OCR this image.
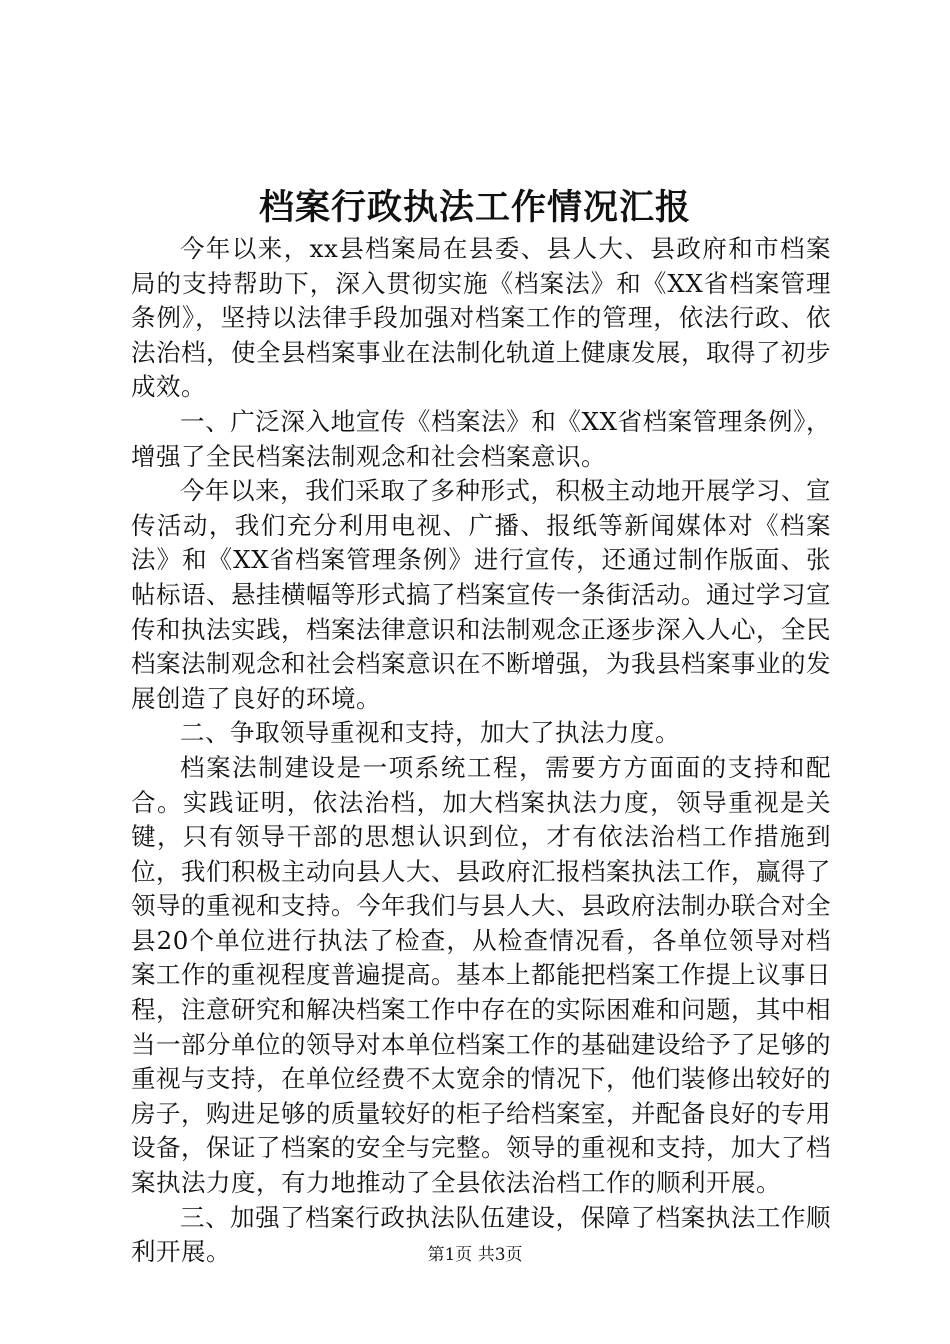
档案行政执法工作情况汇报

今年以来，xx县档案局在县委、县人大、县政府和市档案局的支持帮助下，深入贯彻实施《档案法》和《XX省档案管理条例》，坚持以法律手段加强对档案工作的管理，依法行政、依法治档，使全县档案事业在法制化轨道上健康发展，取得了初步成效。

一、广泛深入地宣传《档案法》和《XX省档案管理条例》，增强了全民档案法制观念和社会档案意识。

今年以来，我们采取了多种形式，积极主动地开展学习、宣传活动，我们充分利用电视、广播、报纸等新闻媒体对《档案法》和《XX省档案管理条例》进行宣传，还通过制作版面、张帖标语、悬挂横幅等形式搞了档案宣传一条街活动。通过学习宣传和执法实践，档案法律意识和法制观念正逐步深入人心，全民档案法制观念和社会档案意识在不断增强，为我县档案事业的发展创造了良好的环境。

二、争取领导重视和支持，加大了执法力度。

档案法制建设是一项系统工程，需要方方面面的支持和配合。实践证明，依法治档，加大档案执法力度，领导重视是关键，只有领导干部的思想认识到位，才有依法治档工作措施到位，我们积极主动向县人大、县政府汇报档案执法工作，赢得了领导的重视和支持。今年我们与县人大、县政府法制办联合对全县20个单位进行执法了检查，从检查情况看，各单位领导对档案工作的重视程度普遍提高。基本上都能把档案工作提上议事日程，注意研究和解决档案工作中存在的实际困难和问题，其中相当一部分单位的领导对本单位档案工作的基础建设给予了足够的重视与支持，在单位经费不太宽余的情况下，他们装修出较好的房子，购进足够的质量较好的柜子给档案室，并配备良好的专用设备，保证了档案的安全与完整。领导的重视和支持，加大了档案执法力度，有力地推动了全县依法治档工作的顺利开展。

三、加强了档案行政执法队伍建设，保障了档案执法工作顺利开展。	第1页 共3页
